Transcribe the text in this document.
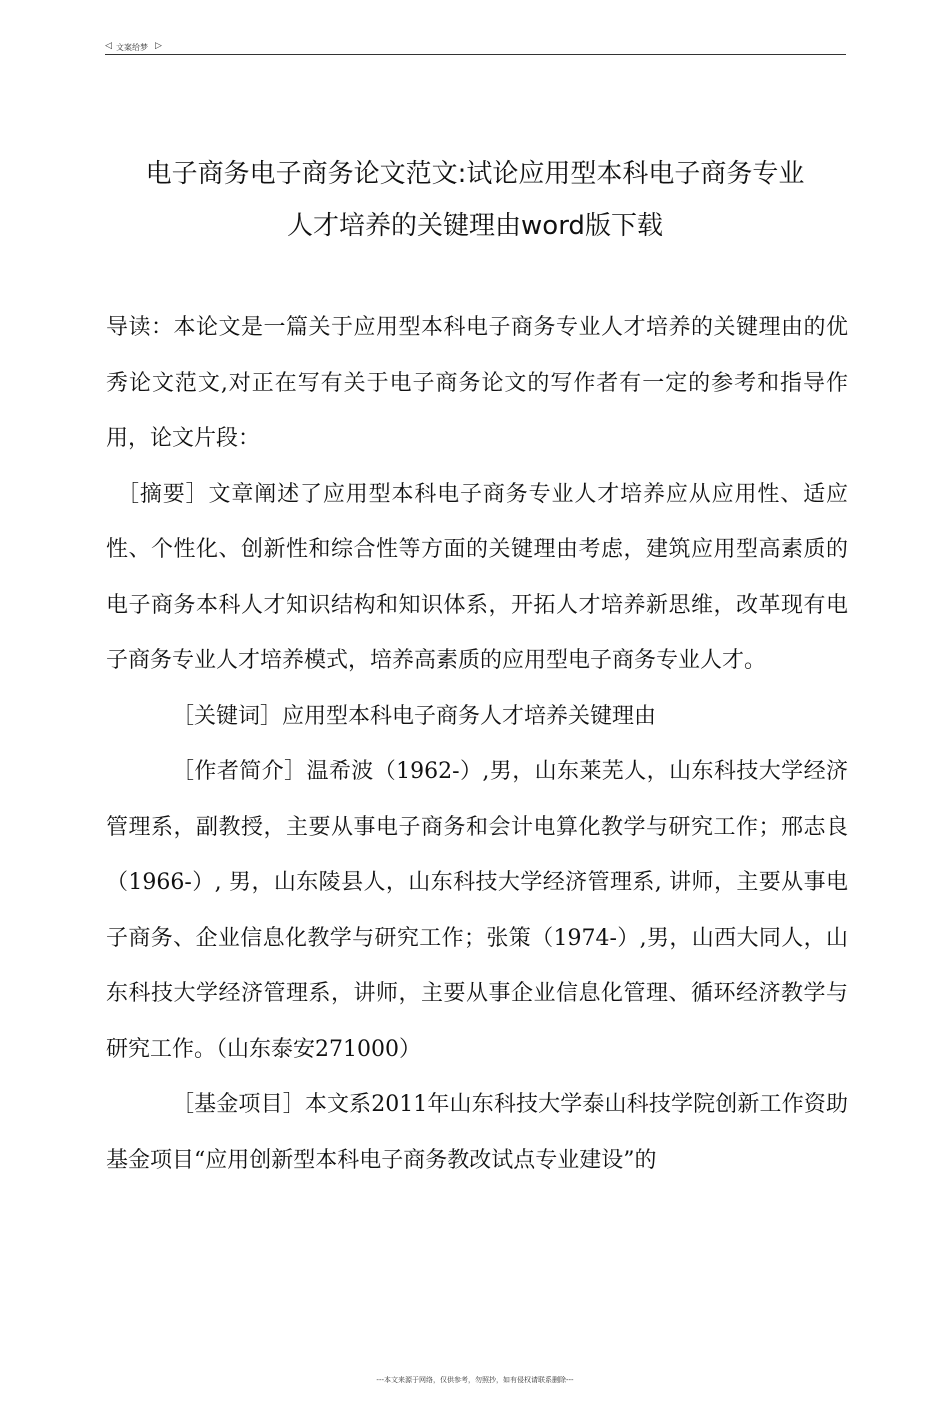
◁ 文案给梦 ▷
电子商务电子商务论文范文:试论应用型本科电子商务专业
人才培养的关键理由word版下载

导读：本论文是一篇关于应用型本科电子商务专业人才培养的关键理由的优秀论文范文,对正在写有关于电子商务论文的写作者有一定的参考和指导作用，论文片段：

［摘要］文章阐述了应用型本科电子商务专业人才培养应从应用性、适应性、个性化、创新性和综合性等方面的关键理由考虑，建筑应用型高素质的电子商务本科人才知识结构和知识体系，开拓人才培养新思维，改革现有电子商务专业人才培养模式，培养高素质的应用型电子商务专业人才。

［关键词］应用型本科电子商务人才培养关键理由

［作者简介］温希波（1962-）,男，山东莱芜人，山东科技大学经济管理系，副教授，主要从事电子商务和会计电算化教学与研究工作；邢志良（1966-）, 男，山东陵县人，山东科技大学经济管理系, 讲师，主要从事电子商务、企业信息化教学与研究工作；张策（1974-）,男，山西大同人，山东科技大学经济管理系，讲师，主要从事企业信息化管理、循环经济教学与研究工作。（山东泰安271000）

［基金项目］本文系2011年山东科技大学泰山科技学院创新工作资助基金项目“应用创新型本科电子商务教改试点专业建设”的

---本文来源于网络，仅供参考，勿照抄，如有侵权请联系删除---
